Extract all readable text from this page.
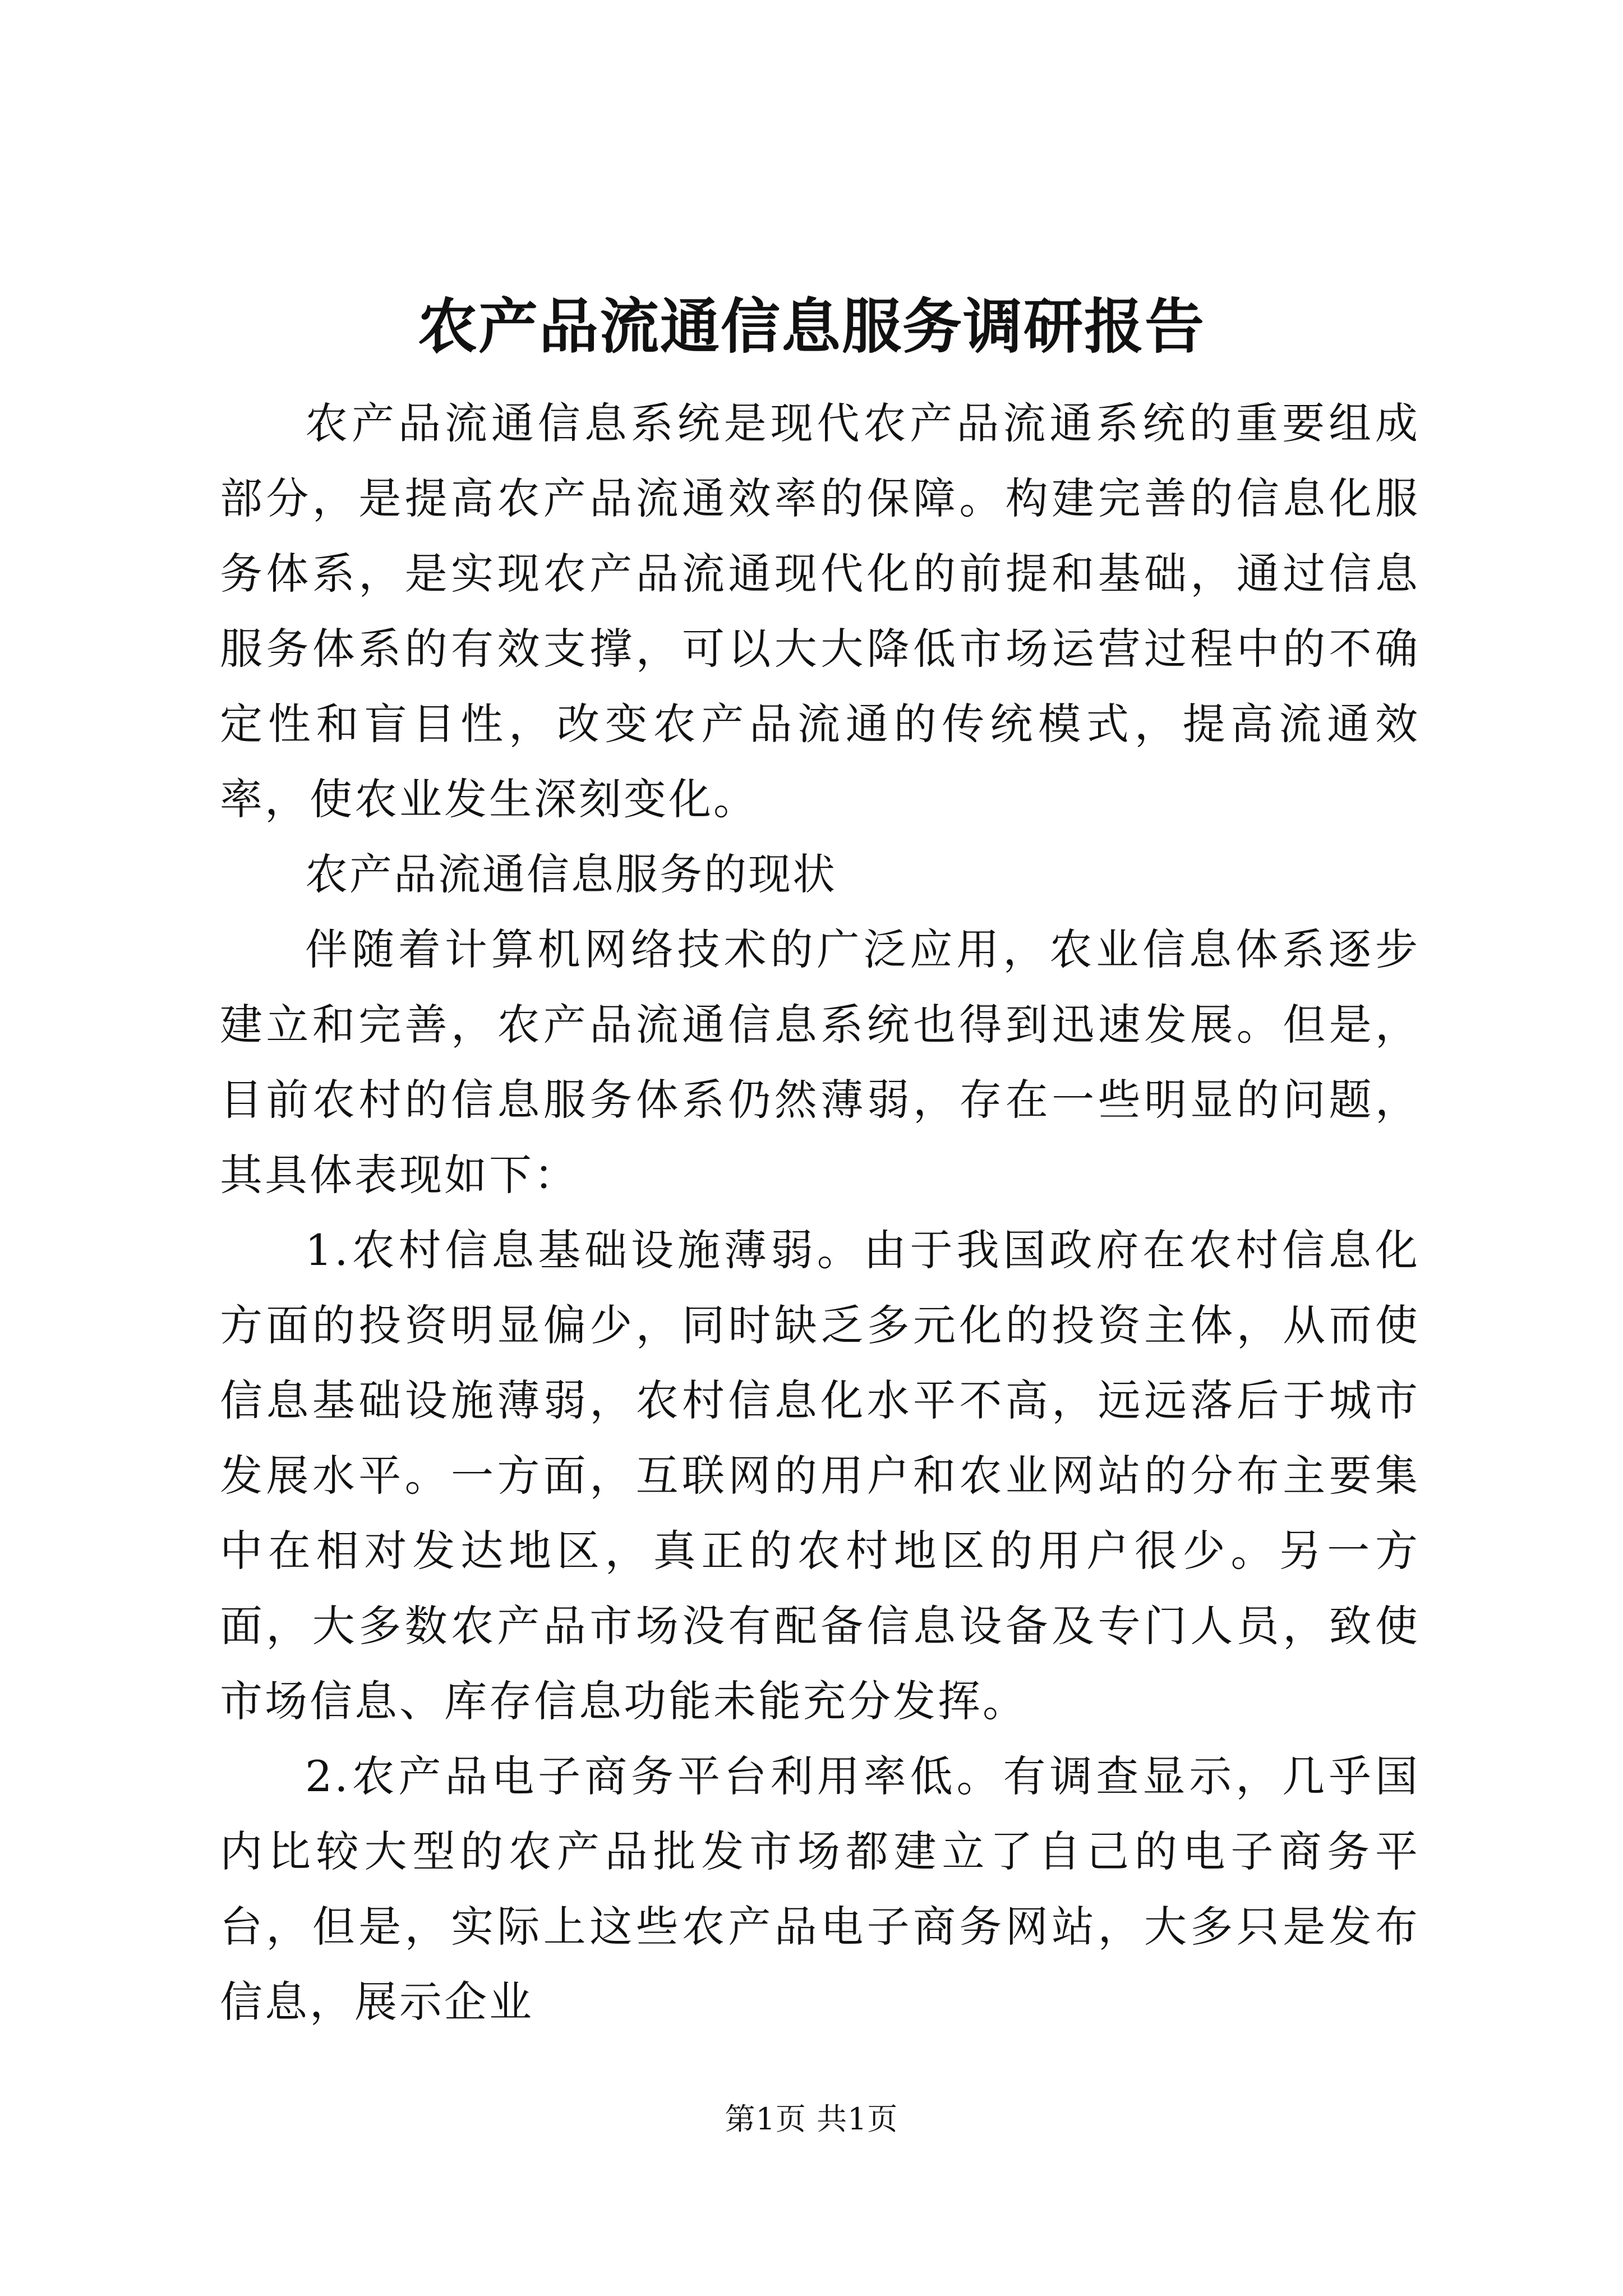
农产品流通信息服务调研报告

农产品流通信息系统是现代农产品流通系统的重要组成部分，是提高农产品流通效率的保障。构建完善的信息化服务体系，是实现农产品流通现代化的前提和基础，通过信息服务体系的有效支撑，可以大大降低市场运营过程中的不确定性和盲目性，改变农产品流通的传统模式，提高流通效率，使农业发生深刻变化。

农产品流通信息服务的现状

伴随着计算机网络技术的广泛应用，农业信息体系逐步建立和完善，农产品流通信息系统也得到迅速发展。但是，目前农村的信息服务体系仍然薄弱，存在一些明显的问题，其具体表现如下：

1.农村信息基础设施薄弱。由于我国政府在农村信息化方面的投资明显偏少，同时缺乏多元化的投资主体，从而使信息基础设施薄弱，农村信息化水平不高，远远落后于城市发展水平。一方面，互联网的用户和农业网站的分布主要集中在相对发达地区，真正的农村地区的用户很少。另一方面，大多数农产品市场没有配备信息设备及专门人员，致使市场信息、库存信息功能未能充分发挥。

2.农产品电子商务平台利用率低。有调查显示，几乎国内比较大型的农产品批发市场都建立了自己的电子商务平台，但是，实际上这些农产品电子商务网站，大多只是发布信息，展示企业

第1页 共1页
